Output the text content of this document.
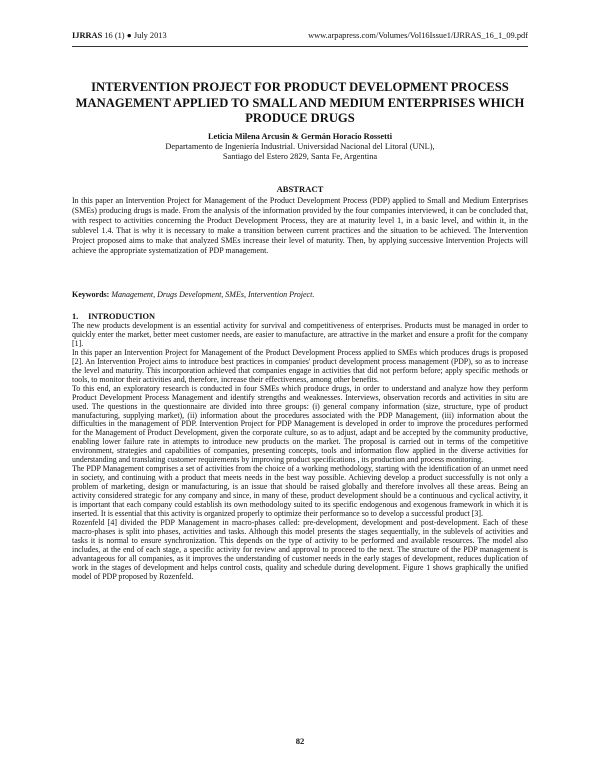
IJRRAS 16 (1) ● July 2013	www.arpapress.com/Volumes/Vol16Issue1/IJRRAS_16_1_09.pdf
INTERVENTION PROJECT FOR PRODUCT DEVELOPMENT PROCESS MANAGEMENT APPLIED TO SMALL AND MEDIUM ENTERPRISES WHICH PRODUCE DRUGS
Leticia Milena Arcusin & Germán Horacio Rossetti
Departamento de Ingeniería Industrial. Universidad Nacional del Litoral (UNL),
Santiago del Estero 2829, Santa Fe, Argentina
ABSTRACT

In this paper an Intervention Project for Management of the Product Development Process (PDP) applied to Small and Medium Enterprises (SMEs) producing drugs is made. From the analysis of the information provided by the four companies interviewed, it can be concluded that, with respect to activities concerning the Product Development Process, they are at maturity level 1, in a basic level, and within it, in the sublevel 1.4. That is why it is necessary to make a transition between current practices and the situation to be achieved. The Intervention Project proposed aims to make that analyzed SMEs increase their level of maturity. Then, by applying successive Intervention Projects will achieve the appropriate systematization of PDP management.

Keywords: Management, Drugs Development, SMEs, Intervention Project.

1. INTRODUCTION

The new products development is an essential activity for survival and competitiveness of enterprises. Products must be managed in order to quickly enter the market, better meet customer needs, are easier to manufacture, are attractive in the market and ensure a profit for the company [1].

In this paper an Intervention Project for Management of the Product Development Process applied to SMEs which produces drugs is proposed [2]. An Intervention Project aims to introduce best practices in companies' product development process management (PDP), so as to increase the level and maturity. This incorporation achieved that companies engage in activities that did not perform before; apply specific methods or tools, to monitor their activities and, therefore, increase their effectiveness, among other benefits.

To this end, an exploratory research is conducted in four SMEs which produce drugs, in order to understand and analyze how they perform Product Development Process Management and identify strengths and weaknesses. Interviews, observation records and activities in situ are used. The questions in the questionnaire are divided into three groups: (i) general company information (size, structure, type of product manufacturing, supplying market), (ii) information about the procedures associated with the PDP Management, (iii) information about the difficulties in the management of PDP. Intervention Project for PDP Management is developed in order to improve the procedures performed for the Management of Product Development, given the corporate culture, so as to adjust, adapt and be accepted by the community productive, enabling lower failure rate in attempts to introduce new products on the market. The proposal is carried out in terms of the competitive environment, strategies and capabilities of companies, presenting concepts, tools and information flow applied in the diverse activities for understanding and translating customer requirements by improving product specifications , its production and process monitoring.

The PDP Management comprises a set of activities from the choice of a working methodology, starting with the identification of an unmet need in society, and continuing with a product that meets needs in the best way possible. Achieving develop a product successfully is not only a problem of marketing, design or manufacturing, is an issue that should be raised globally and therefore involves all these areas. Being an activity considered strategic for any company and since, in many of these, product development should be a continuous and cyclical activity, it is important that each company could establish its own methodology suited to its specific endogenous and exogenous framework in which it is inserted. It is essential that this activity is organized properly to optimize their performance so to develop a successful product [3].

Rozenfeld [4] divided the PDP Management in macro-phases called: pre-development, development and post-development. Each of these macro-phases is split into phases, activities and tasks. Although this model presents the stages sequentially, in the sublevels of activities and tasks it is normal to ensure synchronization. This depends on the type of activity to be performed and available resources. The model also includes, at the end of each stage, a specific activity for review and approval to proceed to the next. The structure of the PDP management is advantageous for all companies, as it improves the understanding of customer needs in the early stages of development, reduces duplication of work in the stages of development and helps control costs, quality and schedule during development. Figure 1 shows graphically the unified model of PDP proposed by Rozenfeld.

82
